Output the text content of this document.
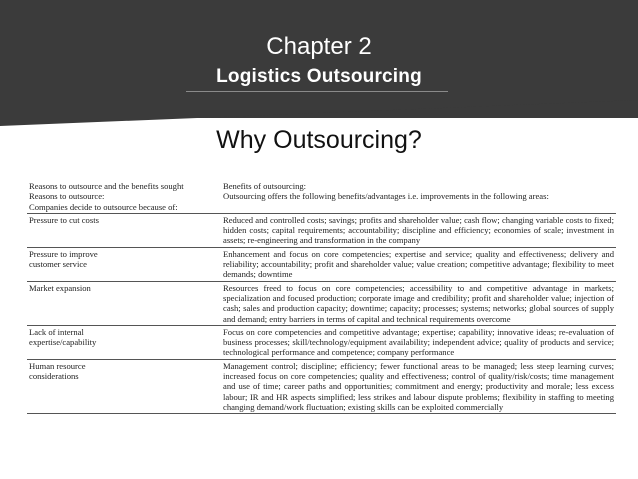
Chapter 2
Logistics Outsourcing
Why Outsourcing?
Reasons to outsource and the benefits sought
Reasons to outsource:
Companies decide to outsource because of:
Benefits of outsourcing:
Outsourcing offers the following benefits/advantages i.e. improvements in the following areas:
Pressure to cut costs	Reduced and controlled costs; savings; profits and shareholder value; cash flow; changing variable costs to fixed; hidden costs; capital requirements; accountability; discipline and efficiency; economies of scale; investment in assets; re-engineering and transformation in the company
Pressure to improve
customer service
Enhancement and focus on core competencies; expertise and service; quality and effectiveness; delivery and reliability; accountability; profit and shareholder value; value creation; competitive advantage; flexibility to meet demands; downtime
Market expansion	Resources freed to focus on core competencies; accessibility to and competitive advantage in markets; specialization and focused production; corporate image and credibility; profit and shareholder value; injection of cash; sales and production capacity; downtime; capacity; processes; systems; networks; global sources of supply and demand; entry barriers in terms of capital and technical requirements overcome
Lack of internal
expertise/capability
Focus on core competencies and competitive advantage; expertise; capability; innovative ideas; re-evaluation of business processes; skill/technology/equipment availability; independent advice; quality of products and service; technological performance and competence; company performance
Human resource
considerations
Management control; discipline; efficiency; fewer functional areas to be managed; less steep learning curves; increased focus on core competencies; quality and effectiveness; control of quality/risk/costs; time management and use of time; career paths and opportunities; commitment and energy; productivity and morale; less excess labour; IR and HR aspects simplified; less strikes and labour dispute problems; flexibility in staffing to meeting changing demand/work fluctuation; existing skills can be exploited commercially
